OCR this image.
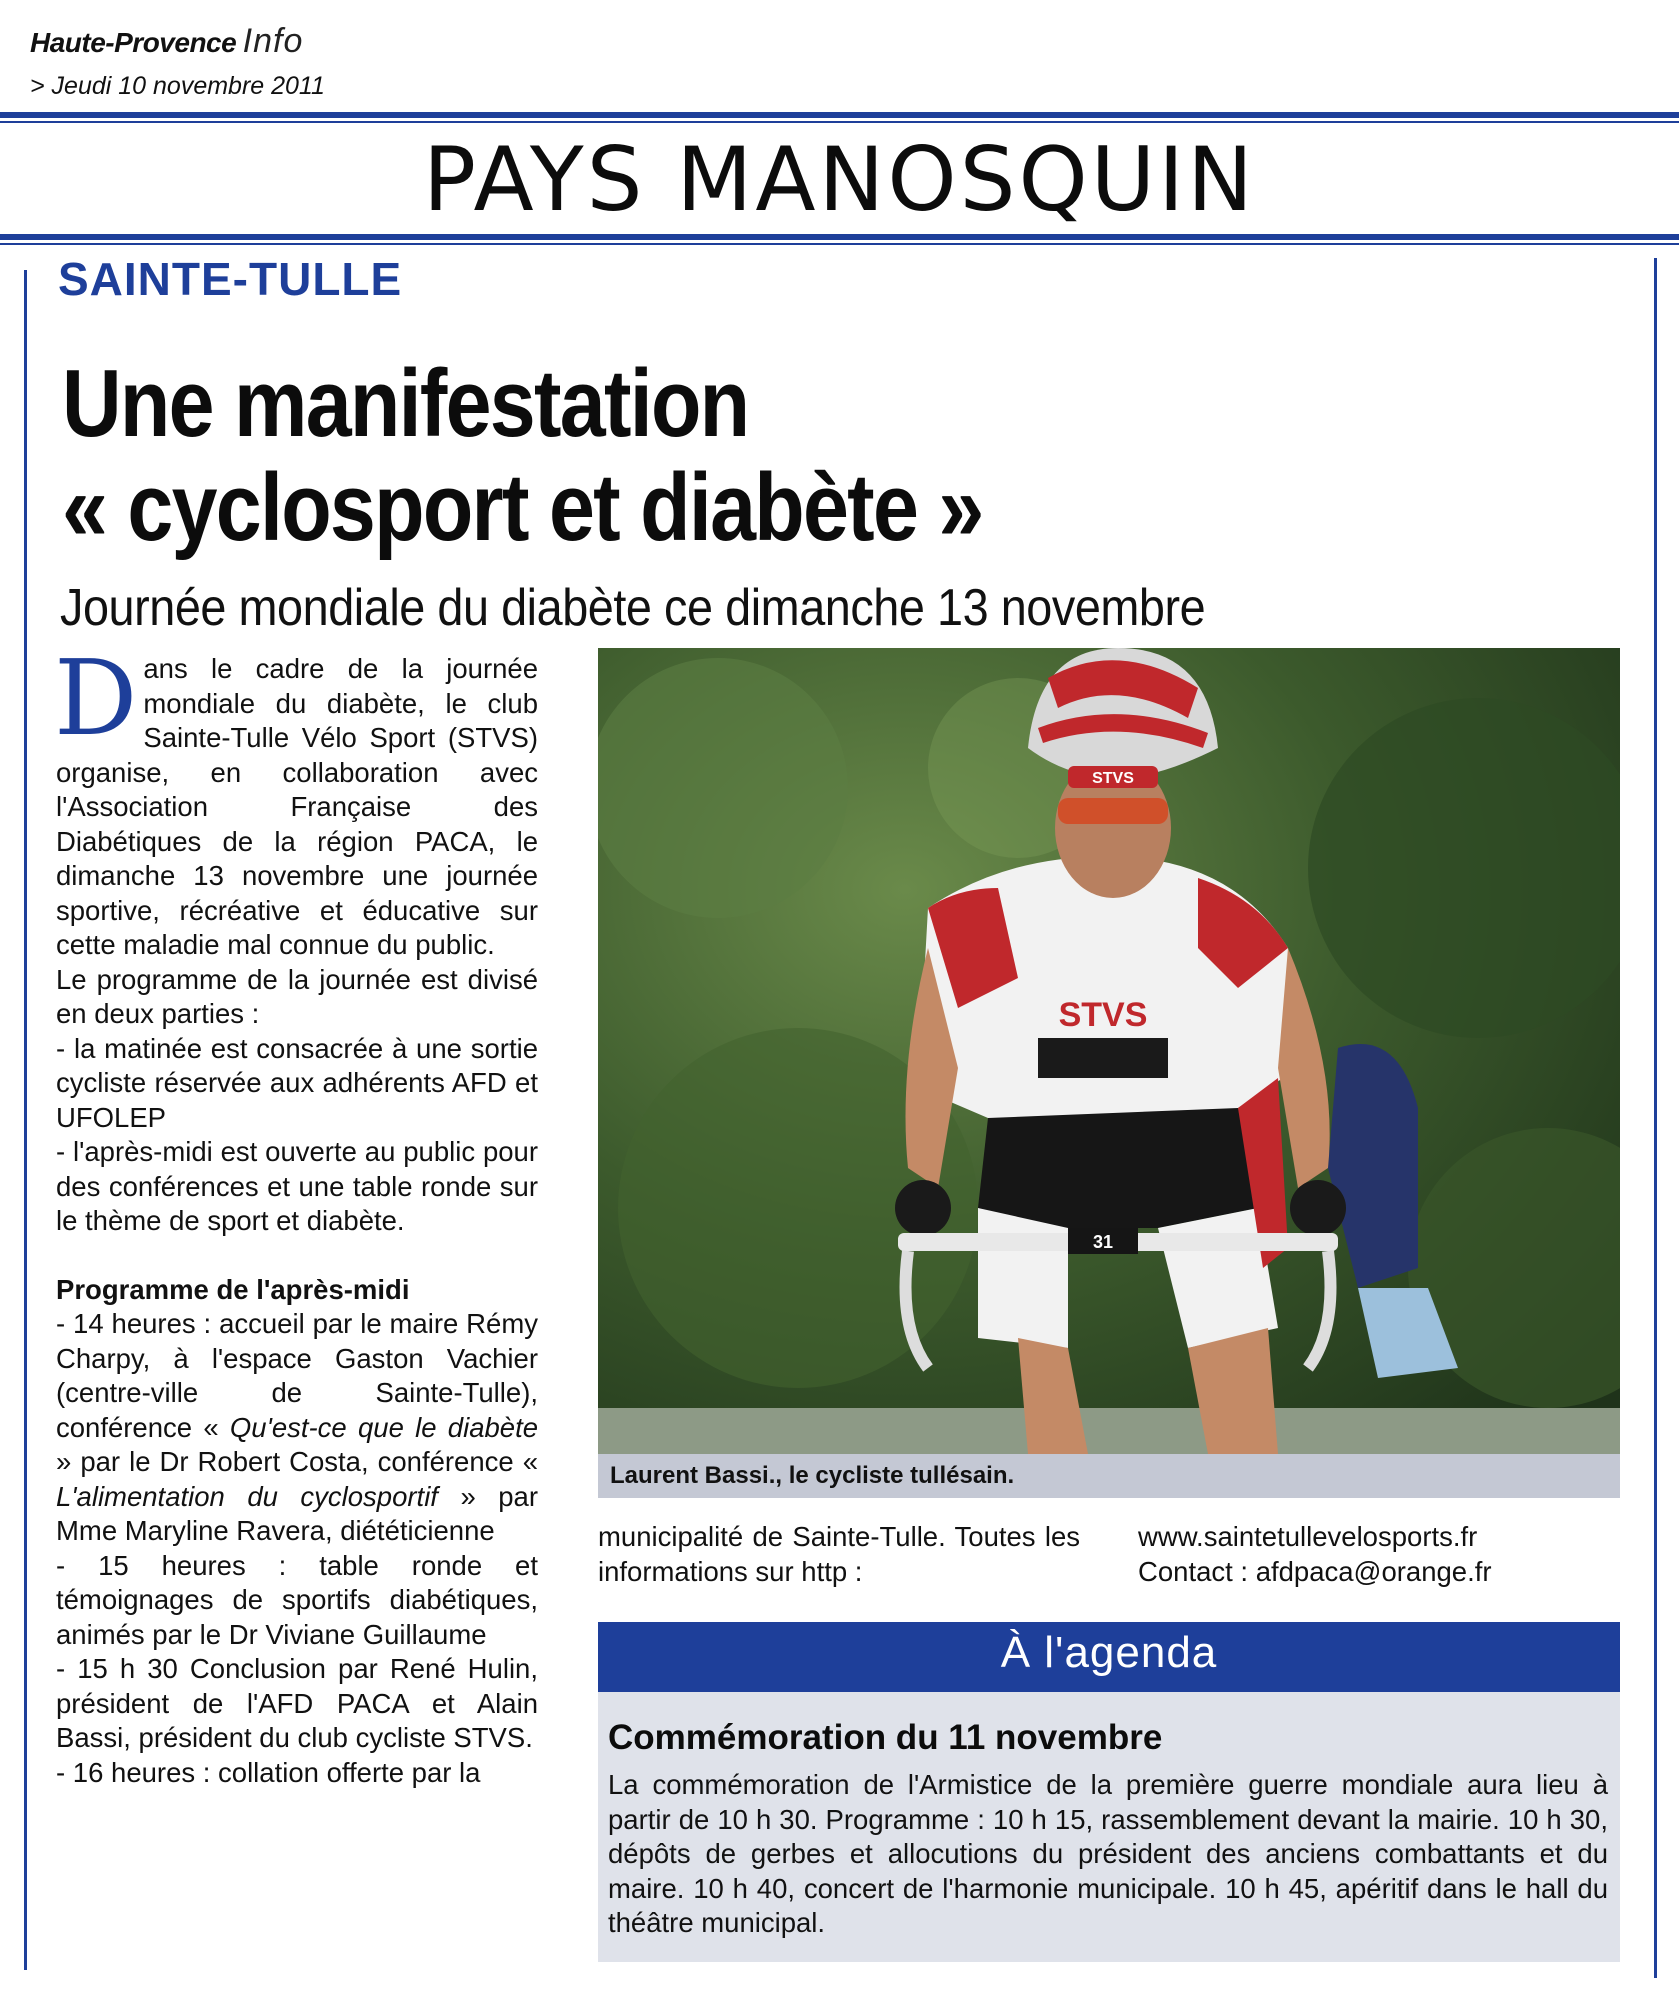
Haute-Provence Info
> Jeudi 10 novembre 2011
PAYS MANOSQUIN
SAINTE-TULLE
Une manifestation
« cyclosport et diabète »
Journée mondiale du diabète ce dimanche 13 novembre

Dans le cadre de la journée mondiale du diabète, le club Sainte-Tulle Vélo Sport (STVS) organise, en collaboration avec l'Association Française des Diabétiques de la région PACA, le dimanche 13 novembre une journée sportive, récréative et éducative sur cette maladie mal connue du public.

Le programme de la journée est divisé en deux parties :

- la matinée est consacrée à une sortie cycliste réservée aux adhérents AFD et UFOLEP

- l'après-midi est ouverte au public pour des conférences et une table ronde sur le thème de sport et diabète.

Programme de l'après-midi

- 14 heures : accueil par le maire Rémy Charpy, à l'espace Gaston Vachier (centre-ville de Sainte-Tulle), conférence « Qu'est-ce que le diabète » par le Dr Robert Costa, conférence « L'alimentation du cyclosportif » par Mme Maryline Ravera, diététicienne

- 15 heures : table ronde et témoignages de sportifs diabétiques, animés par le Dr Viviane Guillaume

- 15 h 30 Conclusion par René Hulin, président de l'AFD PACA et Alain Bassi, président du club cycliste STVS.

- 16 heures : collation offerte par la

31
STVS
STVS
Laurent Bassi., le cycliste tullésain.
municipalité de Sainte-Tulle. Toutes les informations sur http :
www.saintetullevelosports.fr
Contact : afdpaca@orange.fr
À l'agenda
Commémoration du 11 novembre
La commémoration de l'Armistice de la première guerre mondiale aura lieu à partir de 10 h 30. Programme : 10 h 15, rassemblement devant la mairie. 10 h 30, dépôts de gerbes et allocutions du président des anciens combattants et du maire. 10 h 40, concert de l'harmonie municipale. 10 h 45, apéritif dans le hall du théâtre municipal.
